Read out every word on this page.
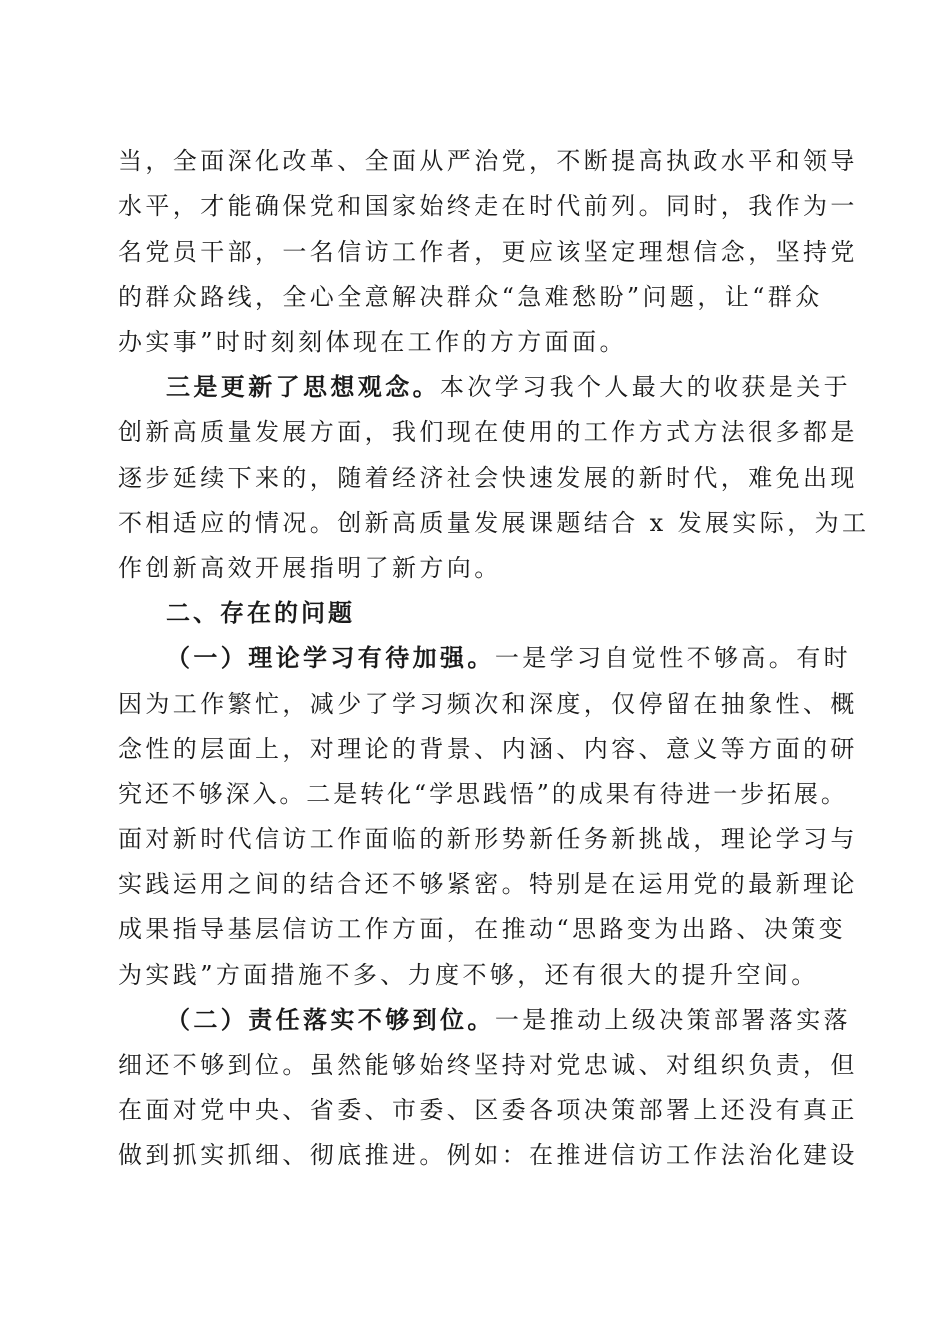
当，全面深化改革、全面从严治党，不断提高执政水平和领导
水平，才能确保党和国家始终走在时代前列。同时，我作为一
名党员干部，一名信访工作者，更应该坚定理想信念，坚持党
的群众路线，全心全意解决群众“急难愁盼”问题，让“群众
办实事”时时刻刻体现在工作的方方面面。
三是更新了思想观念。本次学习我个人最大的收获是关于
创新高质量发展方面，我们现在使用的工作方式方法很多都是
逐步延续下来的，随着经济社会快速发展的新时代，难免出现
不相适应的情况。创新高质量发展课题结合 x 发展实际，为工
作创新高效开展指明了新方向。
二、存在的问题
（一）理论学习有待加强。一是学习自觉性不够高。有时
因为工作繁忙，减少了学习频次和深度，仅停留在抽象性、概
念性的层面上，对理论的背景、内涵、内容、意义等方面的研
究还不够深入。二是转化“学思践悟”的成果有待进一步拓展。
面对新时代信访工作面临的新形势新任务新挑战，理论学习与
实践运用之间的结合还不够紧密。特别是在运用党的最新理论
成果指导基层信访工作方面，在推动“思路变为出路、决策变
为实践”方面措施不多、力度不够，还有很大的提升空间。
（二）责任落实不够到位。一是推动上级决策部署落实落
细还不够到位。虽然能够始终坚持对党忠诚、对组织负责，但
在面对党中央、省委、市委、区委各项决策部署上还没有真正
做到抓实抓细、彻底推进。例如：在推进信访工作法治化建设
